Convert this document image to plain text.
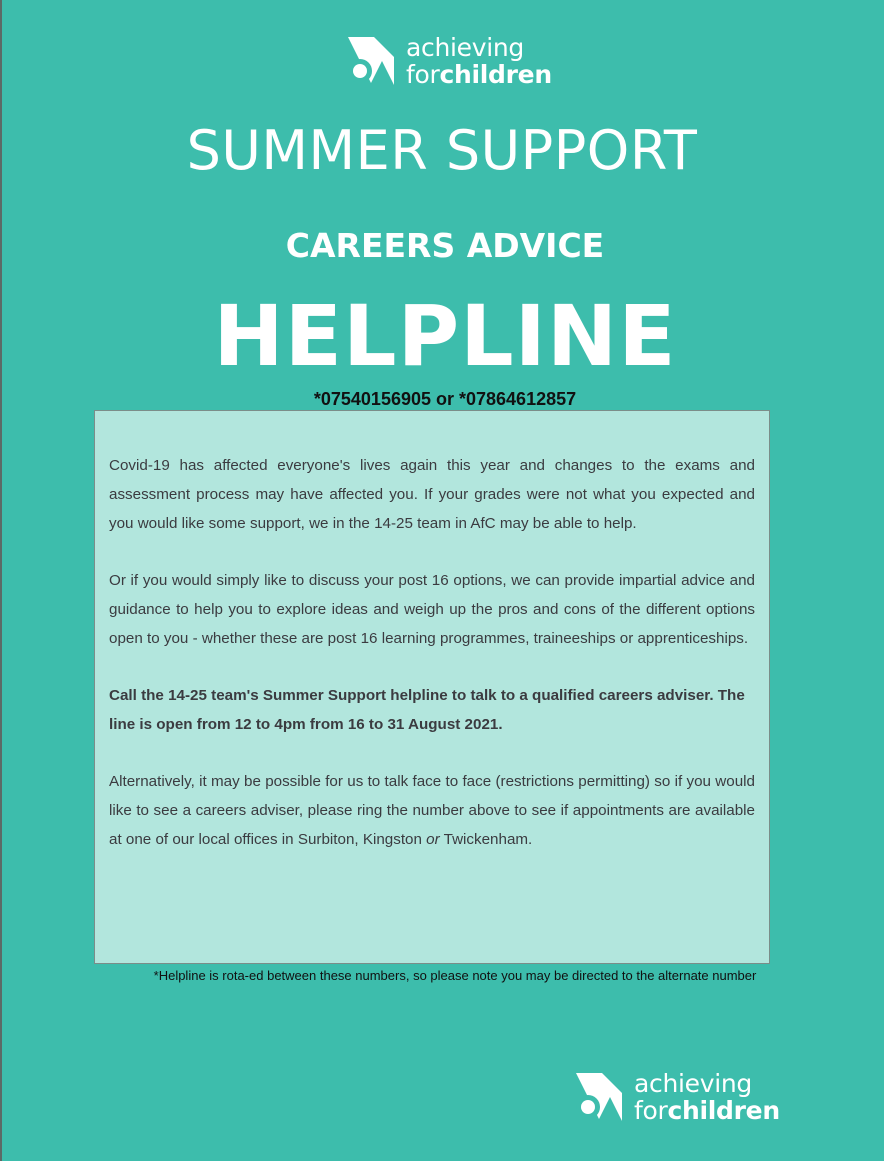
achieving
forchildren
SUMMER SUPPORT
CAREERS ADVICE
HELPLINE
*07540156905 or *07864612857

Covid-19 has affected everyone's lives again this year and changes to the exams and assessment process may have affected you. If your grades were not what you expected and you would like some support, we in the 14-25 team in AfC may be able to help.

Or if you would simply like to discuss your post 16 options, we can provide impartial advice and guidance to help you to explore ideas and weigh up the pros and cons of the different options open to you - whether these are post 16 learning programmes, traineeships or apprenticeships.

Call the 14-25 team's Summer Support helpline to talk to a qualified careers adviser. The line is open from 12 to 4pm from 16 to 31 August 2021.

Alternatively, it may be possible for us to talk face to face (restrictions permitting) so if you would like to see a careers adviser, please ring the number above to see if appointments are available at one of our local offices in Surbiton, Kingston or Twickenham.

*Helpline is rota-ed between these numbers, so please note you may be directed to the alternate number
achieving
forchildren
